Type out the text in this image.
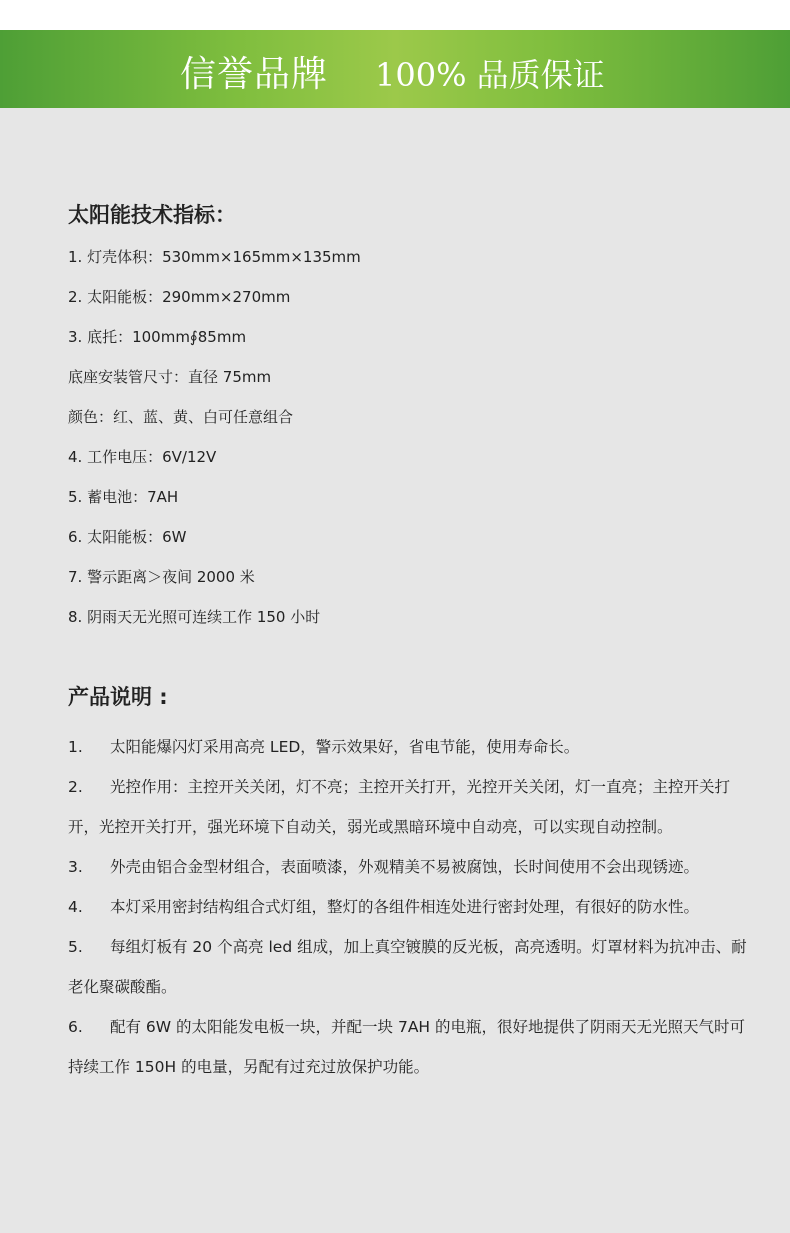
信誉品牌 100% 品质保证
太阳能技术指标：
1. 灯壳体积：530mm×165mm×135mm
2. 太阳能板：290mm×270mm
3. 底托：100mm∮85mm
底座安装管尺寸：直径 75mm
颜色：红、蓝、黄、白可任意组合
4. 工作电压：6V/12V
5. 蓄电池：7AH
6. 太阳能板：6W
7. 警示距离＞夜间 2000 米
8. 阴雨天无光照可连续工作 150 小时
产品说明 :
1. 太阳能爆闪灯采用高亮 LED，警示效果好，省电节能，使用寿命长。
2. 光控作用：主控开关关闭，灯不亮；主控开关打开，光控开关关闭，灯一直亮；主控开关打开，光控开关打开，强光环境下自动关，弱光或黑暗环境中自动亮，可以实现自动控制。
3. 外壳由铝合金型材组合，表面喷漆，外观精美不易被腐蚀，长时间使用不会出现锈迹。
4. 本灯采用密封结构组合式灯组，整灯的各组件相连处进行密封处理，有很好的防水性。
5. 每组灯板有 20 个高亮 led 组成，加上真空镀膜的反光板，高亮透明。灯罩材料为抗冲击、耐老化聚碳酸酯。
6. 配有 6W 的太阳能发电板一块，并配一块 7AH 的电瓶，很好地提供了阴雨天无光照天气时可持续工作 150H 的电量，另配有过充过放保护功能。
